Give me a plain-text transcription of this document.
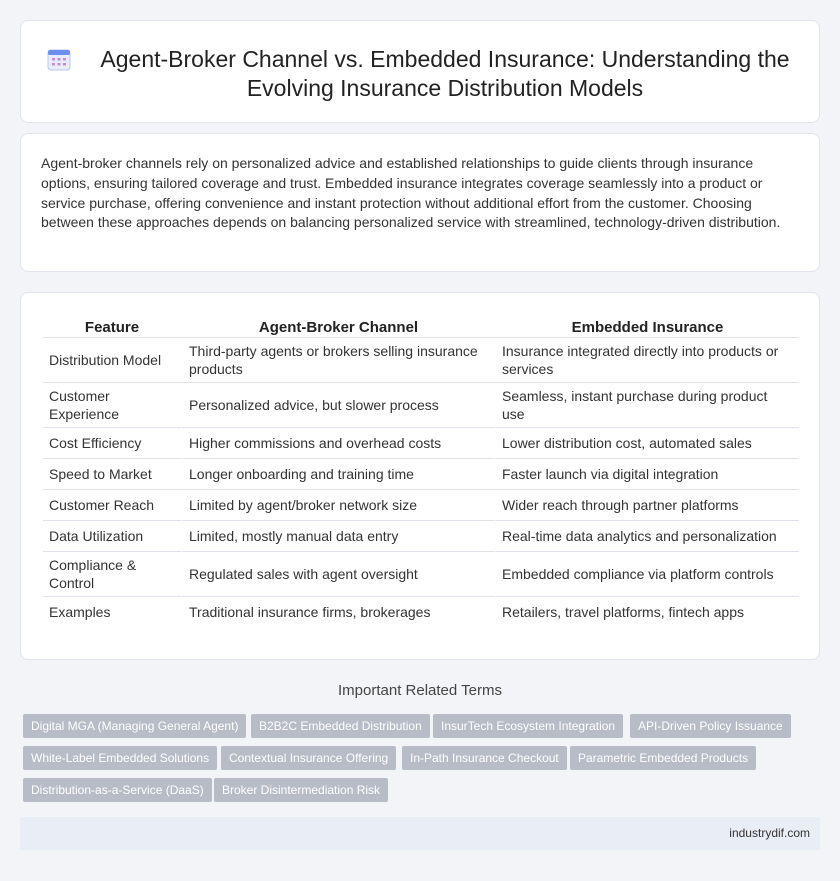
Agent-Broker Channel vs. Embedded Insurance: Understanding the Evolving Insurance Distribution Models

Agent-broker channels rely on personalized advice and established relationships to guide clients through insurance options, ensuring tailored coverage and trust. Embedded insurance integrates coverage seamlessly into a product or service purchase, offering convenience and instant protection without additional effort from the customer. Choosing between these approaches depends on balancing personalized service with streamlined, technology-driven distribution.

Feature	Agent-Broker Channel	Embedded Insurance
Distribution Model	Third-party agents or brokers selling insurance products	Insurance integrated directly into products or services
Customer Experience	Personalized advice, but slower process	Seamless, instant purchase during product use
Cost Efficiency	Higher commissions and overhead costs	Lower distribution cost, automated sales
Speed to Market	Longer onboarding and training time	Faster launch via digital integration
Customer Reach	Limited by agent/broker network size	Wider reach through partner platforms
Data Utilization	Limited, mostly manual data entry	Real-time data analytics and personalization
Compliance & Control	Regulated sales with agent oversight	Embedded compliance via platform controls
Examples	Traditional insurance firms, brokerages	Retailers, travel platforms, fintech apps
Important Related Terms
Digital MGA (Managing General Agent)	B2B2C Embedded Distribution	InsurTech Ecosystem Integration	API-Driven Policy Issuance
White-Label Embedded Solutions	Contextual Insurance Offering	In-Path Insurance Checkout	Parametric Embedded Products
Distribution-as-a-Service (DaaS)	Broker Disintermediation Risk
industrydif.com
